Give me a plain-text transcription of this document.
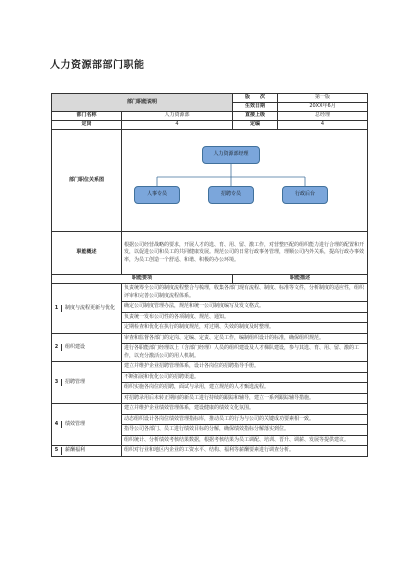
人力资源部部门职能
部门职能说明		版　　次	第一版
		生效日期	20XX年6月
部门名称	人力资源部	直接上级	总经理
定岗	4	定编	4
部门职位关系图	人力资源部经理
人事专员 招聘专员 行政后台		

职能概述	根据公司经营战略的要求，开展人才的选、育、用、留、激工作，对营整匹配的组织能力进行合理的配置和开发，以促进公司和员工的共同健康发展。规范公司的日常行政事务管理，理顺公司内外关系，提高行政办事效率，为员工创造一个舒适、和谐、积极的办公环境。		
职能要项		职能描述	

1 制度与流程更新与优化	负责统筹全公司的制度流程整合与梳理，收集各部门现有流程、制度、标准等文件，分析制度的适应性，组织评审和完善公司制度流程体系。		
	确定公司制度管理办法，规范和统一公司制度编写及发文格式。		
	负责统一发布公司性的各项制度、规范、通知。		
	定期检查和优化在执行的制度规范，对过期、失效的制度及时整理。		

2 组织建设	审查和监督各部门的定岗、定编、定责、定员工作，编制组织设计的标准，确保组织规范。		
	进行各职能部门经理以上（含部门经理）人员的组织建设及人才梯队建设，参与其选、育、用、留、激的工作，以充分激活公司的用人机制。		

3 招聘管理	建立并维护企业招聘管理体系，设计各岗位的招聘指导手册。		
	不断拓展和优化公司的招聘渠道。		
	组织实施各岗位的招聘，面试与录用，建立规范的人才甄选流程。		
	对招聘录用后未转正期间的新员工进行持续的跟踪和辅导，建立一系列跟踪辅导措施。		

4 绩效管理	建立并维护企业绩效管理体系，建设健康的绩效文化氛围。		
	动态组织设计各岗位绩效管理指标库，推动员工的行为与公司的关键成功要素相一致。		
	指导公司各部门、员工进行绩效目标的分解，确保绩效指标分解落实到位。		
	组织统计、分析绩效考核结果数据，根据考核结果为员工调配、培训、晋升、调薪、发展等提供建议。		

5 薪酬福利	组织对行业和地区内企业的工资水平、结构、福利等薪酬要素进行调查分析。		
